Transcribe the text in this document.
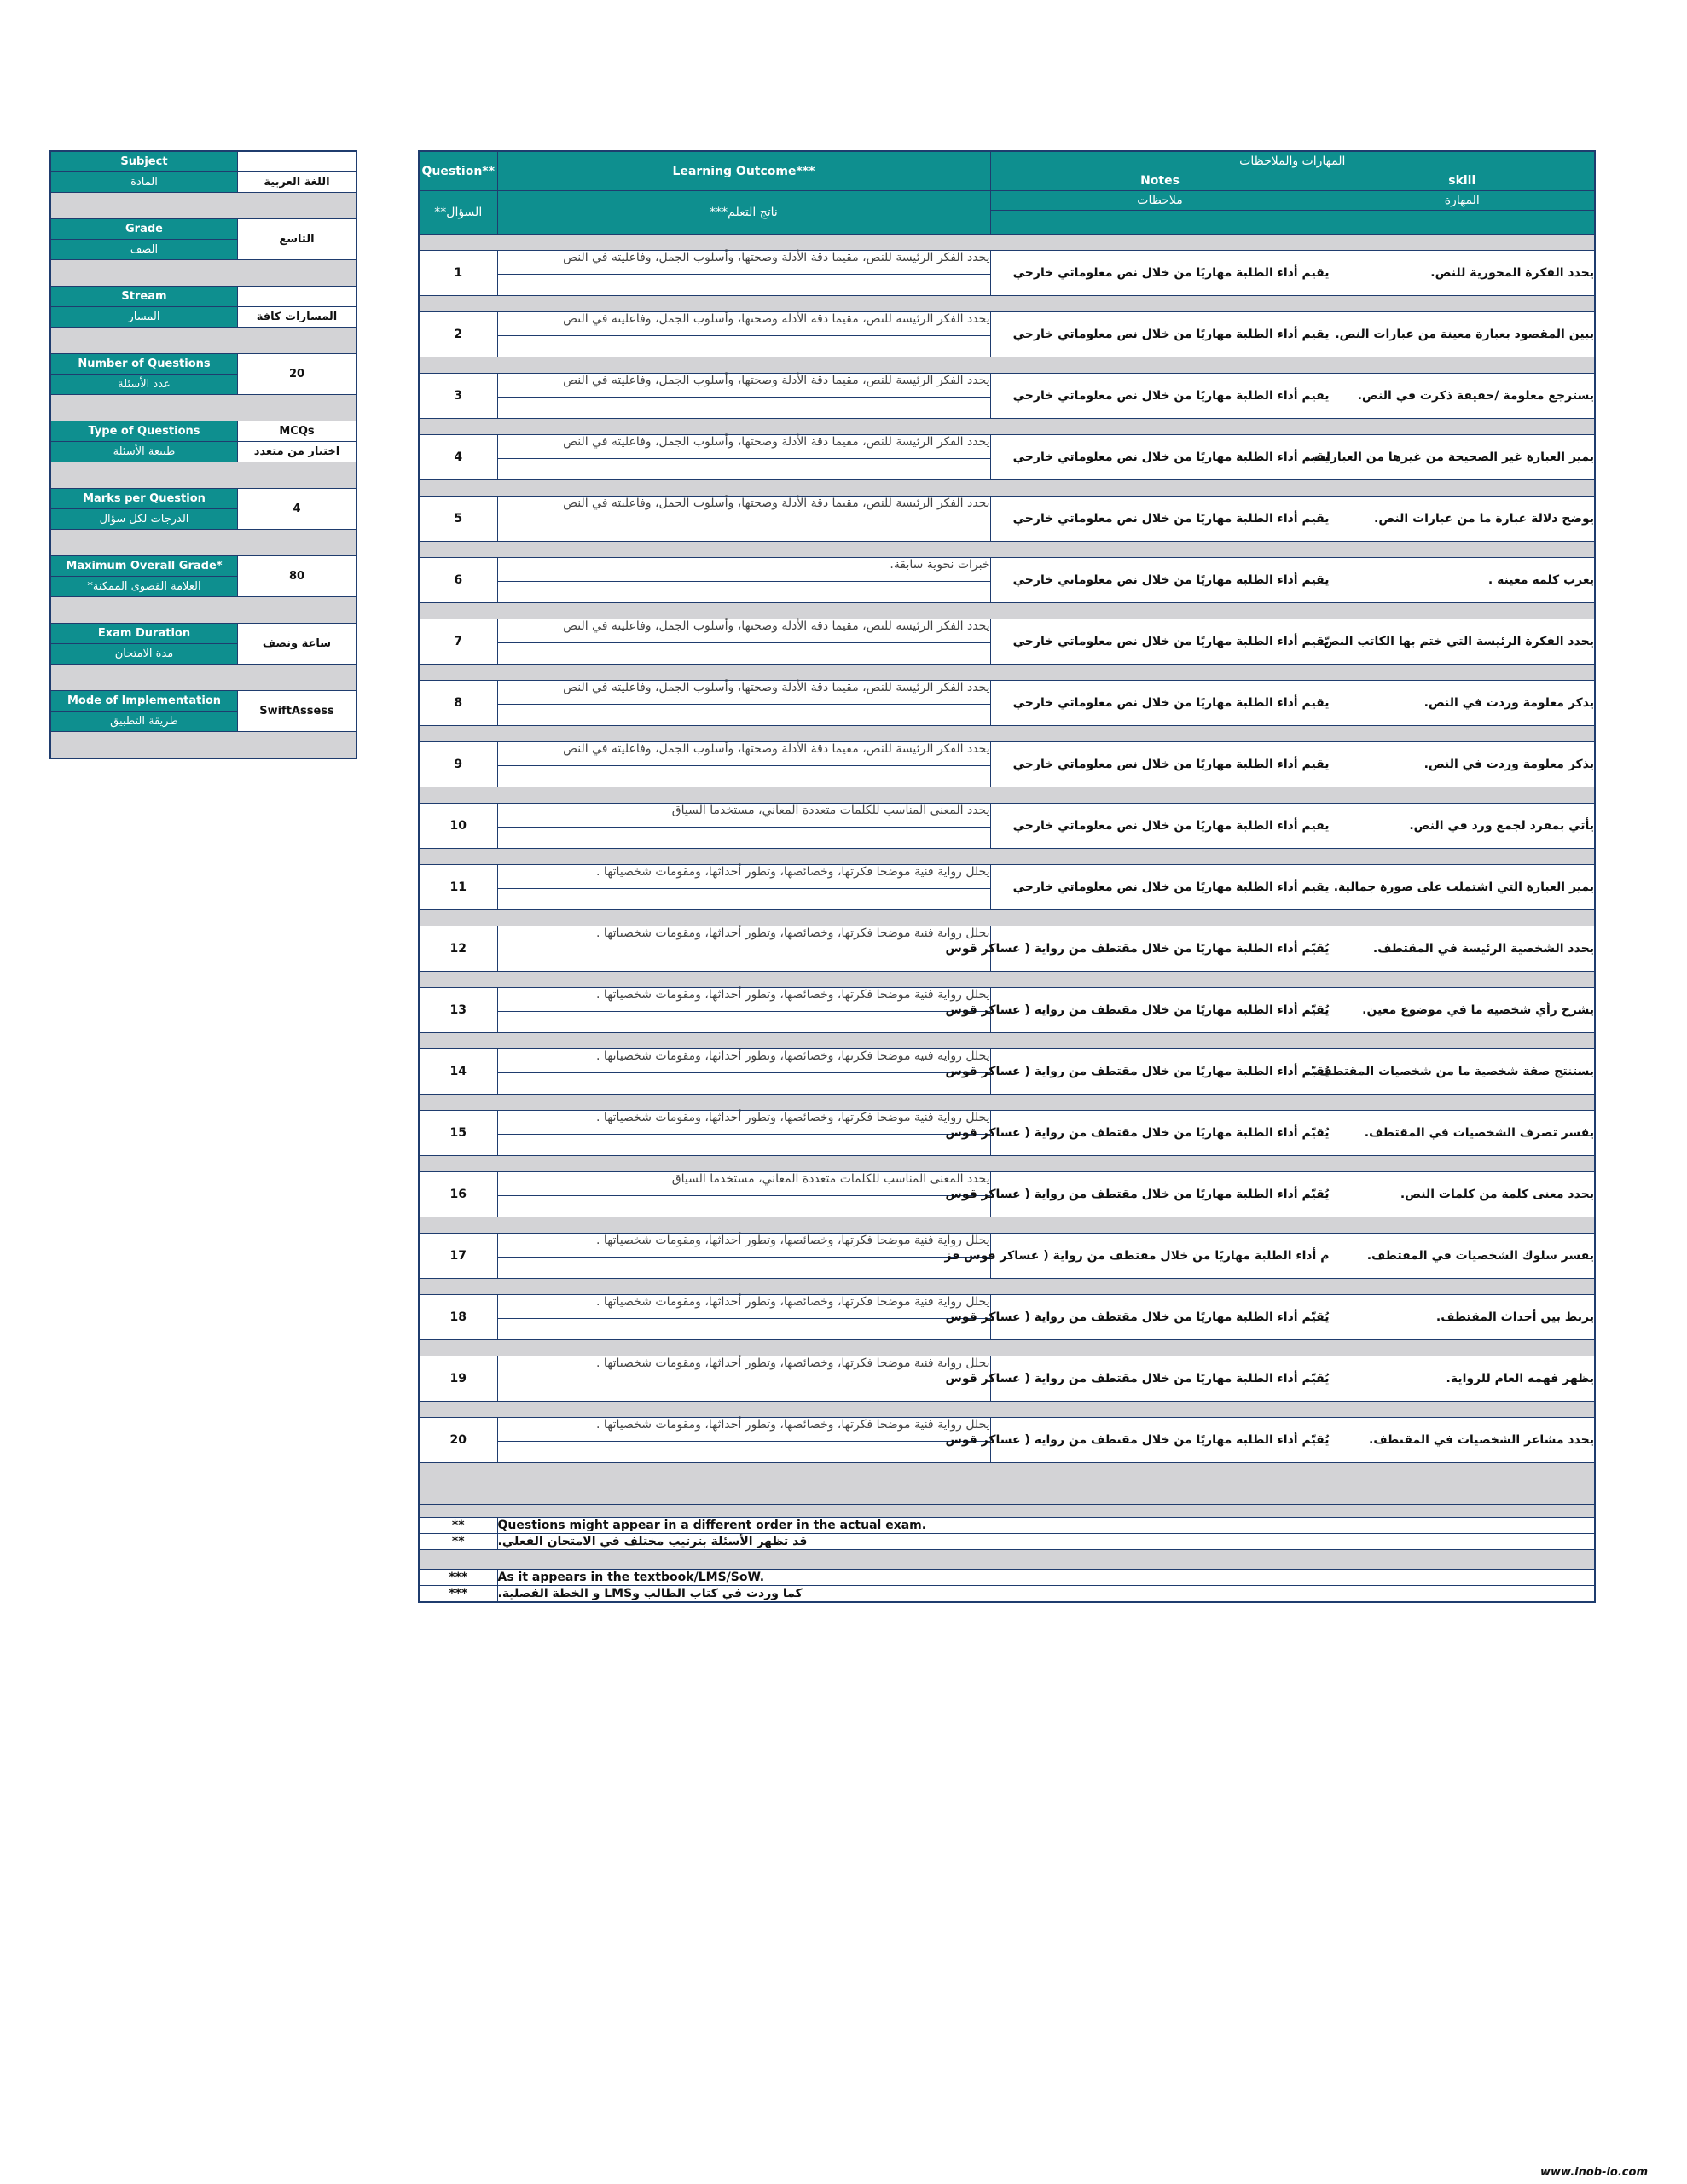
Subject	
المادة	اللغة العربية

Grade	التاسع
الصف	

Stream	
المسار	المسارات كافة

Number of Questions	20
عدد الأسئلة	

Type of Questions	MCQs
طبيعة الأسئلة	اختيار من متعدد

Marks per Question	4
الدرجات لكل سؤال	

Maximum Overall Grade*	80
العلامة القصوى الممكنة*	

Exam Duration	ساعة ونصف
مدة الامتحان	

Mode of Implementation	SwiftAssess
طريقة التطبيق	

Question**	Learning Outcome***	المهارات والملاحظات	
		Notes	skill
السؤال**	ناتج التعلم***	ملاحظات	المهارة

1	يحدد الفكر الرئيسة للنص، مقيما دقة الأدلة وصحتها، وأسلوب الجمل، وفاعليته في النص	يقيم أداء الطلبة مهاريًا من خلال نص معلوماتي خارجي	يحدد الفكرة المحورية للنص.

2	يحدد الفكر الرئيسة للنص، مقيما دقة الأدلة وصحتها، وأسلوب الجمل، وفاعليته في النص	يقيم أداء الطلبة مهاريًا من خلال نص معلوماتي خارجي	يبين المقصود بعبارة معينة من عبارات النص.

3	يحدد الفكر الرئيسة للنص، مقيما دقة الأدلة وصحتها، وأسلوب الجمل، وفاعليته في النص	يقيم أداء الطلبة مهاريًا من خلال نص معلوماتي خارجي	يسترجع معلومة /حقيقة ذكرت في النص.

4	يحدد الفكر الرئيسة للنص، مقيما دقة الأدلة وصحتها، وأسلوب الجمل، وفاعليته في النص	يقيم أداء الطلبة مهاريًا من خلال نص معلوماتي خارجي	يميز العبارة غير الصحيحة من غيرها من العبارات.

5	يحدد الفكر الرئيسة للنص، مقيما دقة الأدلة وصحتها، وأسلوب الجمل، وفاعليته في النص	يقيم أداء الطلبة مهاريًا من خلال نص معلوماتي خارجي	يوضح دلالة عبارة ما من عبارات النص.

6	خبرات نحوية سابقة.	يقيم أداء الطلبة مهاريًا من خلال نص معلوماتي خارجي	يعرب كلمة معينة .

7	يحدد الفكر الرئيسة للنص، مقيما دقة الأدلة وصحتها، وأسلوب الجمل، وفاعليته في النص	يقيم أداء الطلبة مهاريًا من خلال نص معلوماتي خارجي	يحدد الفكرة الرئيسة التي ختم بها الكاتب النصّ.

8	يحدد الفكر الرئيسة للنص، مقيما دقة الأدلة وصحتها، وأسلوب الجمل، وفاعليته في النص	يقيم أداء الطلبة مهاريًا من خلال نص معلوماتي خارجي	يذكر معلومة وردت في النص.

9	يحدد الفكر الرئيسة للنص، مقيما دقة الأدلة وصحتها، وأسلوب الجمل، وفاعليته في النص	يقيم أداء الطلبة مهاريًا من خلال نص معلوماتي خارجي	يذكر معلومة وردت في النص.

10	يحدد المعنى المناسب للكلمات متعددة المعاني، مستخدما السياق	يقيم أداء الطلبة مهاريًا من خلال نص معلوماتي خارجي	يأتي بمفرد لجمع ورد في النص.

11	يحلل رواية فنية موضحا فكرتها، وخصائصها، وتطور أحداثها، ومقومات شخصياتها .	يقيم أداء الطلبة مهاريًا من خلال نص معلوماتي خارجي	يميز العبارة التي اشتملت على صورة جمالية.

12	يحلل رواية فنية موضحا فكرتها، وخصائصها، وتطور أحداثها، ومقومات شخصياتها .	يُقيّم أداء الطلبة مهاريًا من خلال مقتطف من رواية ( عساكر قوس	يحدد الشخصية الرئيسة في المقتطف.

13	يحلل رواية فنية موضحا فكرتها، وخصائصها، وتطور أحداثها، ومقومات شخصياتها .	يُقيّم أداء الطلبة مهاريًا من خلال مقتطف من رواية ( عساكر قوس	يشرح رأي شخصية ما في موضوع معين.

14	يحلل رواية فنية موضحا فكرتها، وخصائصها، وتطور أحداثها، ومقومات شخصياتها .	يُقيّم أداء الطلبة مهاريًا من خلال مقتطف من رواية ( عساكر قوس	يستنتج صفة شخصية ما من شخصيات المقتطف.

15	يحلل رواية فنية موضحا فكرتها، وخصائصها، وتطور أحداثها، ومقومات شخصياتها .	يُقيّم أداء الطلبة مهاريًا من خلال مقتطف من رواية ( عساكر قوس	يفسر تصرف الشخصيات في المقتطف.

16	يحدد المعنى المناسب للكلمات متعددة المعاني، مستخدما السياق	يُقيّم أداء الطلبة مهاريًا من خلال مقتطف من رواية ( عساكر قوس	يحدد معنى كلمة من كلمات النص.

17	يحلل رواية فنية موضحا فكرتها، وخصائصها، وتطور أحداثها، ومقومات شخصياتها .	م أداء الطلبة مهاريًا من خلال مقتطف من رواية ( عساكر قوس قز	يفسر سلوك الشخصيات في المقتطف.

18	يحلل رواية فنية موضحا فكرتها، وخصائصها، وتطور أحداثها، ومقومات شخصياتها .	يُقيّم أداء الطلبة مهاريًا من خلال مقتطف من رواية ( عساكر قوس	يربط بين أحداث المقتطف.

19	يحلل رواية فنية موضحا فكرتها، وخصائصها، وتطور أحداثها، ومقومات شخصياتها .	يُقيّم أداء الطلبة مهاريًا من خلال مقتطف من رواية ( عساكر قوس	يظهر فهمه العام للرواية.

20	يحلل رواية فنية موضحا فكرتها، وخصائصها، وتطور أحداثها، ومقومات شخصياتها .	يُقيّم أداء الطلبة مهاريًا من خلال مقتطف من رواية ( عساكر قوس	يحدد مشاعر الشخصيات في المقتطف.

**	Questions might appear in a different order in the actual exam.		
**	قد تظهر الأسئلة بترتيب مختلف في الامتحان الفعلي.		

***	As it appears in the textbook/LMS/SoW.		
***	كما وردت في كتاب الطالب وLMS و الخطة الفصلية.		
www.inob-io.com
